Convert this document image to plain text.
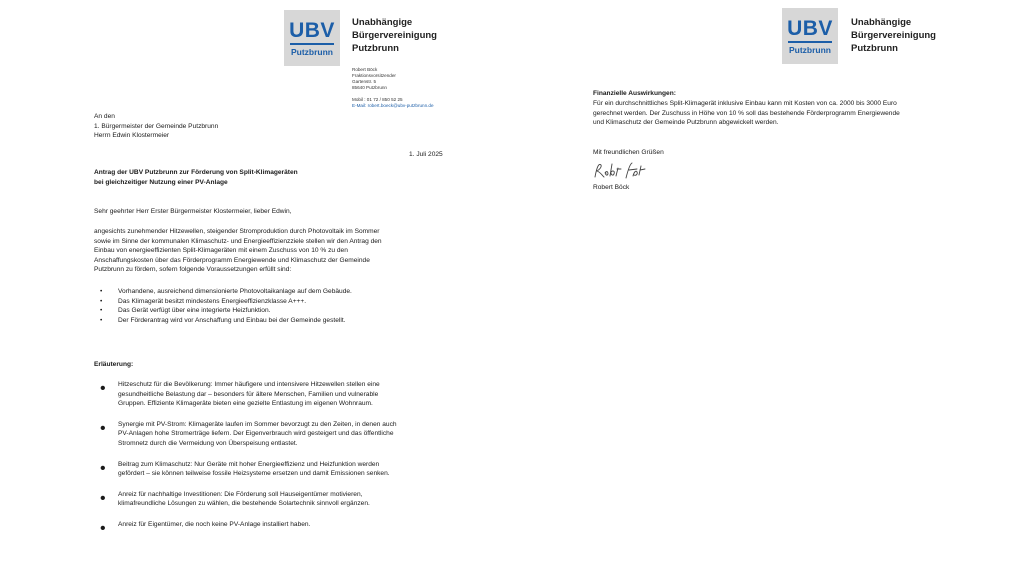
UBV
Putzbrunn
Unabhängige
Bürgervereinigung
Putzbrunn
Robert Böck
Fraktionsvorsitzender
Gartenstr. 5
85640 Putzbrunn
Mobil : 01 72 / 850 52 25
E-Mail: robert.boeck@ubv-putzbrunn.de
An den
1. Bürgermeister der Gemeinde Putzbrunn
Herrn Edwin Klostermeier
1. Juli 2025
Antrag der UBV Putzbrunn zur Förderung von Split-Klimageräten
bei gleichzeitiger Nutzung einer PV-Anlage
Sehr geehrter Herr Erster Bürgermeister Klostermeier, lieber Edwin,
angesichts zunehmender Hitzewellen, steigender Stromproduktion durch Photovoltaik im Sommer
sowie im Sinne der kommunalen Klimaschutz- und Energieeffizienzziele stellen wir den Antrag den
Einbau von energieeffizienten Split-Klimageräten mit einem Zuschuss von 10 % zu den
Anschaffungskosten über das Förderprogramm Energiewende und Klimaschutz der Gemeinde
Putzbrunn zu fördern, sofern folgende Voraussetzungen erfüllt sind:
• Vorhandene, ausreichend dimensionierte Photovoltaikanlage auf dem Gebäude.
• Das Klimagerät besitzt mindestens Energieeffizienzklasse A+++.
• Das Gerät verfügt über eine integrierte Heizfunktion.
• Der Förderantrag wird vor Anschaffung und Einbau bei der Gemeinde gestellt.
Erläuterung:
• Hitzeschutz für die Bevölkerung: Immer häufigere und intensivere Hitzewellen stellen eine
gesundheitliche Belastung dar – besonders für ältere Menschen, Familien und vulnerable
Gruppen. Effiziente Klimageräte bieten eine gezielte Entlastung im eigenen Wohnraum.
• Synergie mit PV-Strom: Klimageräte laufen im Sommer bevorzugt zu den Zeiten, in denen auch
PV-Anlagen hohe Stromerträge liefern. Der Eigenverbrauch wird gesteigert und das öffentliche
Stromnetz durch die Vermeidung von Überspeisung entlastet.
• Beitrag zum Klimaschutz: Nur Geräte mit hoher Energieeffizienz und Heizfunktion werden
gefördert – sie können teilweise fossile Heizsysteme ersetzen und damit Emissionen senken.
• Anreiz für nachhaltige Investitionen: Die Förderung soll Hauseigentümer motivieren,
klimafreundliche Lösungen zu wählen, die bestehende Solartechnik sinnvoll ergänzen.
• Anreiz für Eigentümer, die noch keine PV-Anlage installiert haben.
UBV
Putzbrunn
Unabhängige
Bürgervereinigung
Putzbrunn
Finanzielle Auswirkungen:
Für ein durchschnittliches Split-Klimagerät inklusive Einbau kann mit Kosten von ca. 2000 bis 3000 Euro
gerechnet werden. Der Zuschuss in Höhe von 10 % soll das bestehende Förderprogramm Energiewende
und Klimaschutz der Gemeinde Putzbrunn abgewickelt werden.
Mit freundlichen Grüßen
Robert Böck
